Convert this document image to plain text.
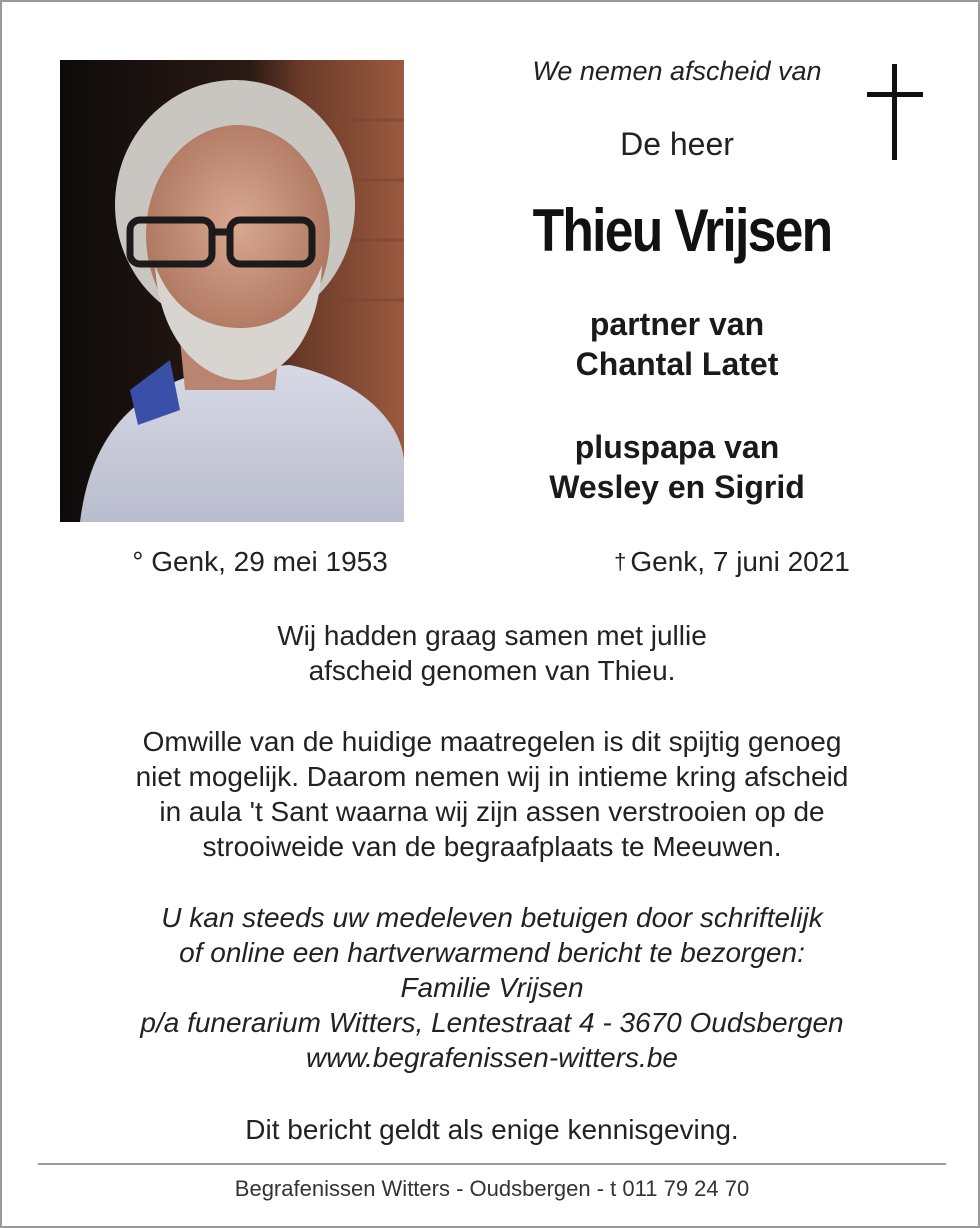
We nemen afscheid van
De heer
Thieu Vrijsen
partner van
Chantal Latet
pluspapa van
Wesley en Sigrid
° Genk, 29 mei 1953	† Genk, 7 juni 2021
Wij hadden graag samen met jullie
afscheid genomen van Thieu.
Omwille van de huidige maatregelen is dit spijtig genoeg
niet mogelijk. Daarom nemen wij in intieme kring afscheid
in aula 't Sant waarna wij zijn assen verstrooien op de
strooiweide van de begraafplaats te Meeuwen.
U kan steeds uw medeleven betuigen door schriftelijk
of online een hartverwarmend bericht te bezorgen:
Familie Vrijsen
p/a funerarium Witters, Lentestraat 4 - 3670 Oudsbergen
www.begrafenissen-witters.be
Dit bericht geldt als enige kennisgeving.
Begrafenissen Witters - Oudsbergen - t 011 79 24 70
